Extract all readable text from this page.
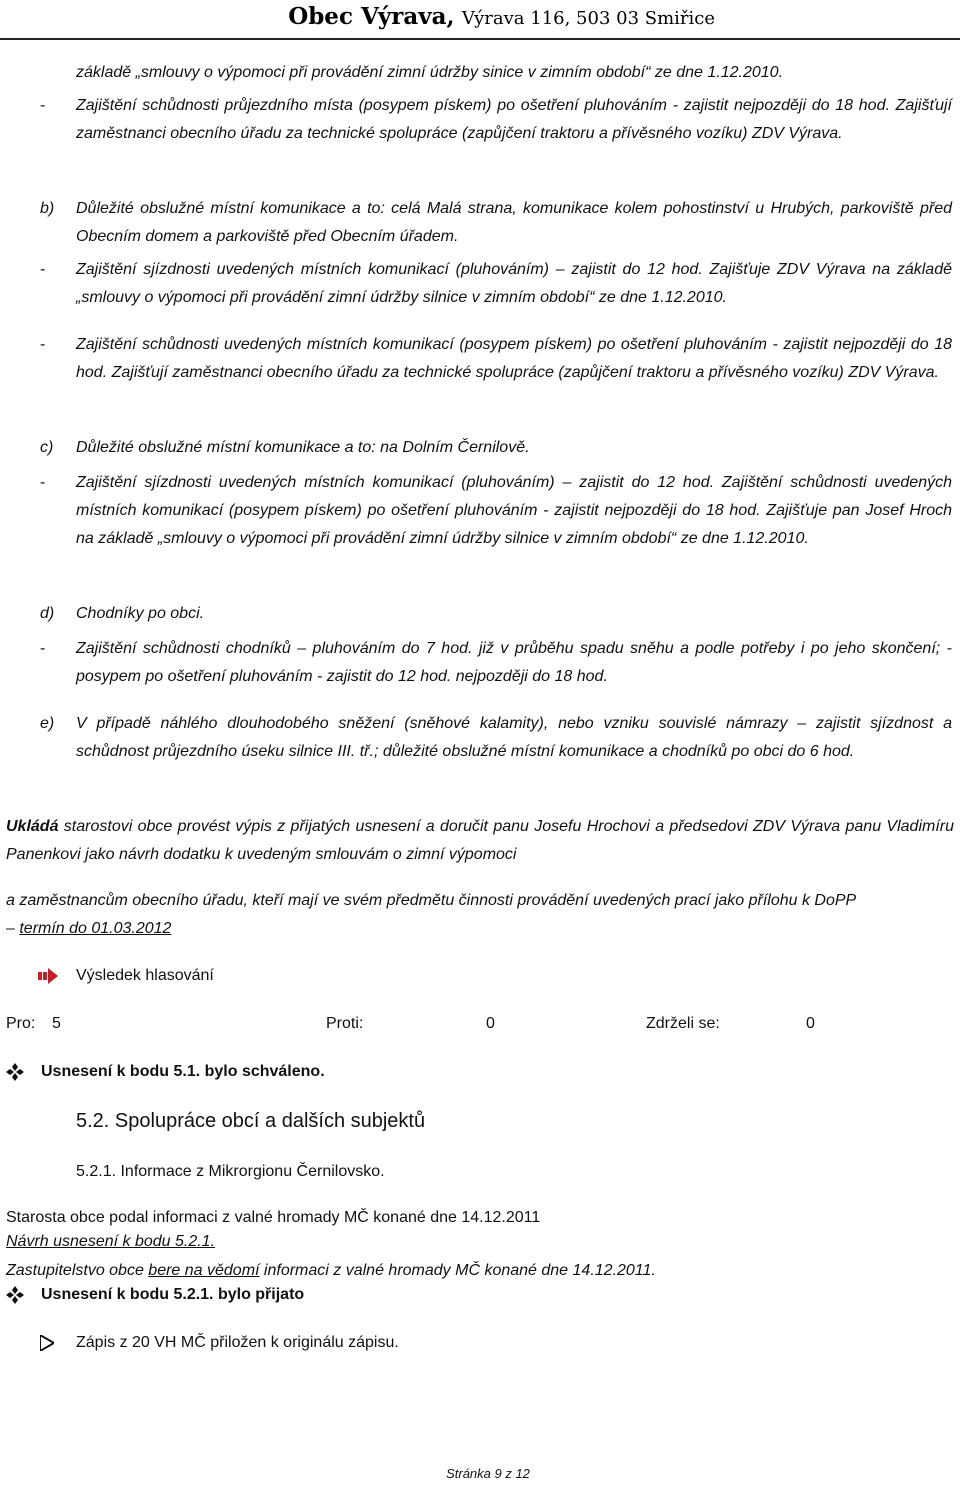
Obec Výrava, Výrava 116, 503 03 Smiřice
základě „smlouvy o výpomoci při provádění zimní údržby sinice v zimním období“ ze dne 1.12.2010.
- Zajištění schůdnosti průjezdního místa (posypem pískem) po ošetření pluhováním - zajistit nejpozději do 18 hod. Zajišťují zaměstnanci obecního úřadu za technické spolupráce (zapůjčení traktoru a přívěsného vozíku) ZDV Výrava.
b) Důležité obslužné místní komunikace a to: celá Malá strana, komunikace kolem pohostinství u Hrubých, parkoviště před Obecním domem a parkoviště před Obecním úřadem.
- Zajištění sjízdnosti uvedených místních komunikací (pluhováním) – zajistit do 12 hod. Zajišťuje ZDV Výrava na základě „smlouvy o výpomoci při provádění zimní údržby silnice v zimním období“ ze dne 1.12.2010.
- Zajištění schůdnosti uvedených místních komunikací (posypem pískem) po ošetření pluhováním - zajistit nejpozději do 18 hod. Zajišťují zaměstnanci obecního úřadu za technické spolupráce (zapůjčení traktoru a přívěsného vozíku) ZDV Výrava.
c) Důležité obslužné místní komunikace a to: na Dolním Černilově.
- Zajištění sjízdnosti uvedených místních komunikací (pluhováním) – zajistit do 12 hod. Zajištění schůdnosti uvedených místních komunikací (posypem pískem) po ošetření pluhováním - zajistit nejpozději do 18 hod. Zajišťuje pan Josef Hroch na základě „smlouvy o výpomoci při provádění zimní údržby silnice v zimním období“ ze dne 1.12.2010.
d) Chodníky po obci.
- Zajištění schůdnosti chodníků – pluhováním do 7 hod. již v průběhu spadu sněhu a podle potřeby i po jeho skončení; - posypem po ošetření pluhováním - zajistit do 12 hod. nejpozději do 18 hod.
e) V případě náhlého dlouhodobého sněžení (sněhové kalamity), nebo vzniku souvislé námrazy – zajistit sjízdnost a schůdnost průjezdního úseku silnice III. tř.; důležité obslužné místní komunikace a chodníků po obci do 6 hod.
Ukládá starostovi obce provést výpis z přijatých usnesení a doručit panu Josefu Hrochovi a předsedovi ZDV Výrava panu Vladimíru Panenkovi jako návrh dodatku k uvedeným smlouvám o zimní výpomoci
a zaměstnancům obecního úřadu, kteří mají ve svém předmětu činnosti provádění uvedených prací jako přílohu k DoPP
– termín do 01.03.2012
Výsledek hlasování
Pro: 5	Proti:	0	Zdrželi se:	0
Usnesení k bodu 5.1. bylo schváleno.
5.2. Spolupráce obcí a dalších subjektů
5.2.1. Informace z Mikrorgionu Černilovsko.
Starosta obce podal informaci z valné hromady MČ konané dne 14.12.2011
Návrh usnesení k bodu 5.2.1.
Zastupitelstvo obce bere na vědomí informaci z valné hromady MČ konané dne 14.12.2011.
Usnesení k bodu 5.2.1. bylo přijato
Zápis z 20 VH MČ přiložen k originálu zápisu.
Stránka 9 z 12
